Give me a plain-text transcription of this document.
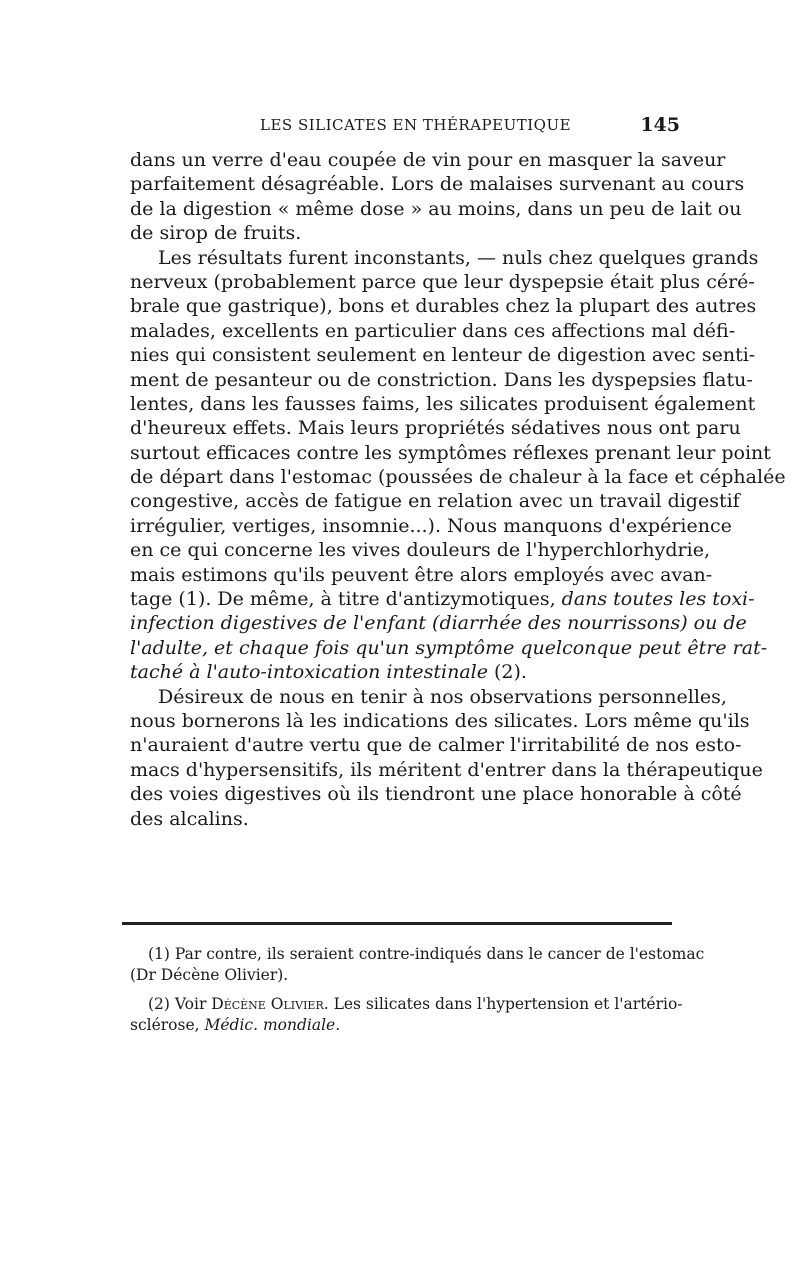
LES SILICATES EN THÉRAPEUTIQUE	145
dans un verre d'eau coupée de vin pour en masquer la saveur
parfaitement désagréable. Lors de malaises survenant au cours
de la digestion « même dose » au moins, dans un peu de lait ou
de sirop de fruits.
Les résultats furent inconstants, — nuls chez quelques grands
nerveux (probablement parce que leur dyspepsie était plus céré-
brale que gastrique), bons et durables chez la plupart des autres
malades, excellents en particulier dans ces affections mal défi-
nies qui consistent seulement en lenteur de digestion avec senti-
ment de pesanteur ou de constriction. Dans les dyspepsies flatu-
lentes, dans les fausses faims, les silicates produisent également
d'heureux effets. Mais leurs propriétés sédatives nous ont paru
surtout efficaces contre les symptômes réflexes prenant leur point
de départ dans l'estomac (poussées de chaleur à la face et céphalée
congestive, accès de fatigue en relation avec un travail digestif
irrégulier, vertiges, insomnie...). Nous manquons d'expérience
en ce qui concerne les vives douleurs de l'hyperchlorhydrie,
mais estimons qu'ils peuvent être alors employés avec avan-
tage (1). De même, à titre d'antizymotiques, dans toutes les toxi-
infection digestives de l'enfant (diarrhée des nourrissons) ou de
l'adulte, et chaque fois qu'un symptôme quelconque peut être rat-
taché à l'auto-intoxication intestinale (2).
Désireux de nous en tenir à nos observations personnelles,
nous bornerons là les indications des silicates. Lors même qu'ils
n'auraient d'autre vertu que de calmer l'irritabilité de nos esto-
macs d'hypersensitifs, ils méritent d'entrer dans la thérapeutique
des voies digestives où ils tiendront une place honorable à côté
des alcalins.
(1) Par contre, ils seraient contre-indiqués dans le cancer de l'estomac
(Dr Décène Olivier).
(2) Voir Décène Olivier. Les silicates dans l'hypertension et l'artério-
sclérose, Médic. mondiale.
